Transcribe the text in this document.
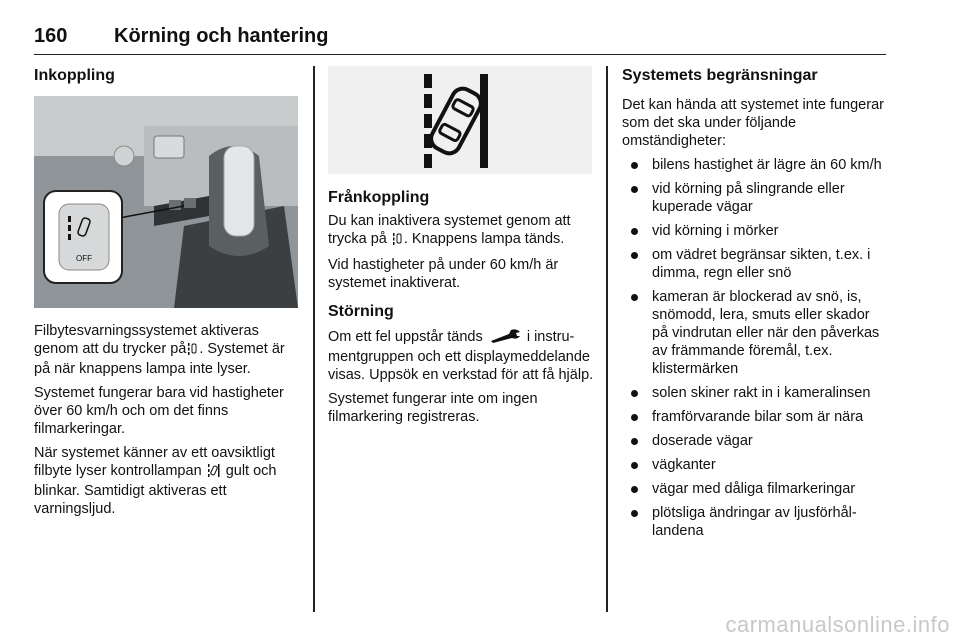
160 Körning och hantering
Inkoppling
OFF

Filbytesvarningssystemet aktiveras genom att du trycker på . Systemet är på när knappens lampa inte lyser.

Systemet fungerar bara vid hastigheter över 60 km/h och om det finns filmarkeringar.

När systemet känner av ett oavsiktligt filbyte lyser kontrollampan gult och blinkar. Samtidigt aktiveras ett varningsljud.

Frånkoppling

Du kan inaktivera systemet genom att trycka på . Knappens lampa tänds.

Vid hastigheter på under 60 km/h är systemet inaktiverat.

Störning

Om ett fel uppstår tänds	i instrumentgruppen och ett displaymeddelande visas. Uppsök en verkstad för att få hjälp.

Systemet fungerar inte om ingen filmarkering registreras.

Systemets begränsningar

Det kan hända att systemet inte fungerar som det ska under följande omständigheter:

bilens hastighet är lägre än 60 km/h
vid körning på slingrande eller kuperade vägar
vid körning i mörker
om vädret begränsar sikten, t.ex. i dimma, regn eller snö
kameran är blockerad av snö, is, snömodd, lera, smuts eller skador på vindrutan eller när den påverkas av främmande föremål, t.ex. klistermärken
solen skiner rakt in i kameralinsen
framförvarande bilar som är nära
doserade vägar
vägkanter
vägar med dåliga filmarkeringar
plötsliga ändringar av ljusförhållandena
carmanualsonline.info
